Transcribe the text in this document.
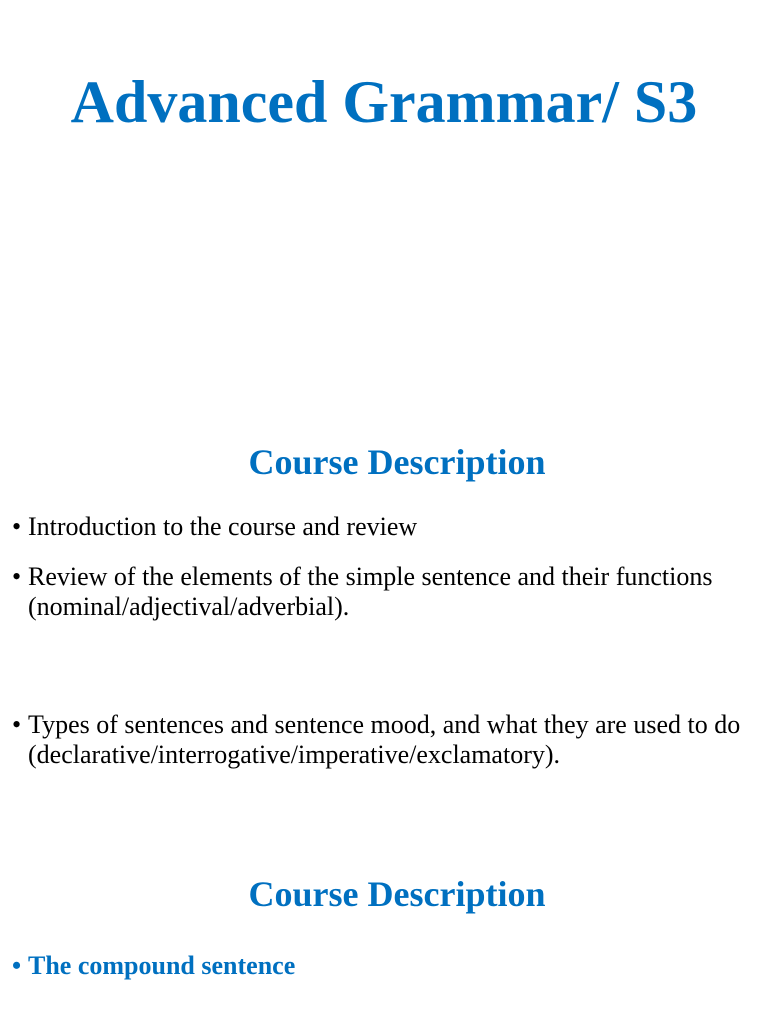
Advanced Grammar/ S3
Course Description
• Introduction to the course and review
• Review of the elements of the simple sentence and their functions (nominal/adjectival/adverbial).
• Types of sentences and sentence mood, and what they are used to do (declarative/interrogative/imperative/exclamatory).
Course Description
• The compound sentence
